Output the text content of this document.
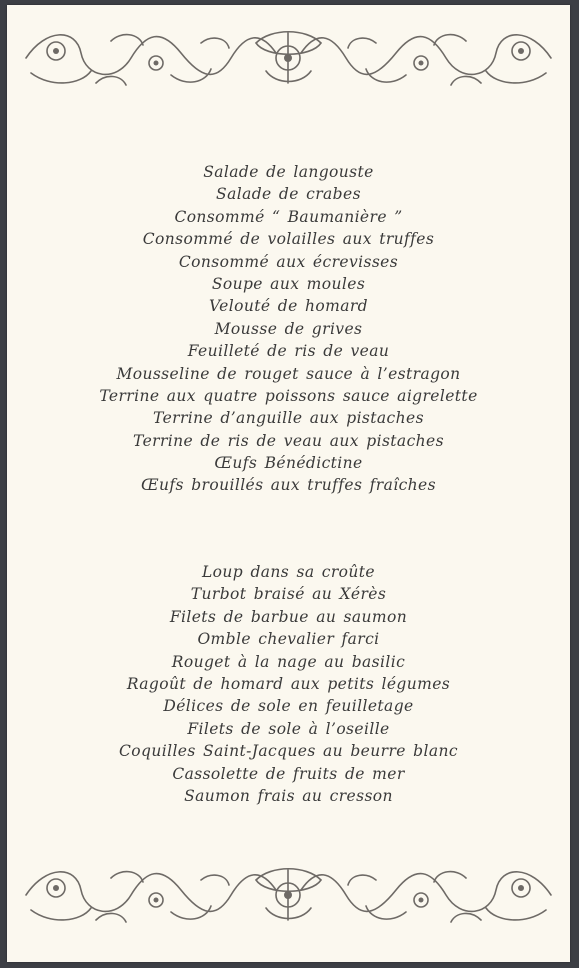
Salade de langouste
Salade de crabes
Consommé “ Baumanière ”
Consommé de volailles aux truffes
Consommé aux écrevisses
Soupe aux moules
Velouté de homard
Mousse de grives
Feuilleté de ris de veau
Mousseline de rouget sauce à l’estragon
Terrine aux quatre poissons sauce aigrelette
Terrine d’anguille aux pistaches
Terrine de ris de veau aux pistaches
Œufs Bénédictine
Œufs brouillés aux truffes fraîches
Loup dans sa croûte
Turbot braisé au Xérès
Filets de barbue au saumon
Omble chevalier farci
Rouget à la nage au basilic
Ragoût de homard aux petits légumes
Délices de sole en feuilletage
Filets de sole à l’oseille
Coquilles Saint-Jacques au beurre blanc
Cassolette de fruits de mer
Saumon frais au cresson
